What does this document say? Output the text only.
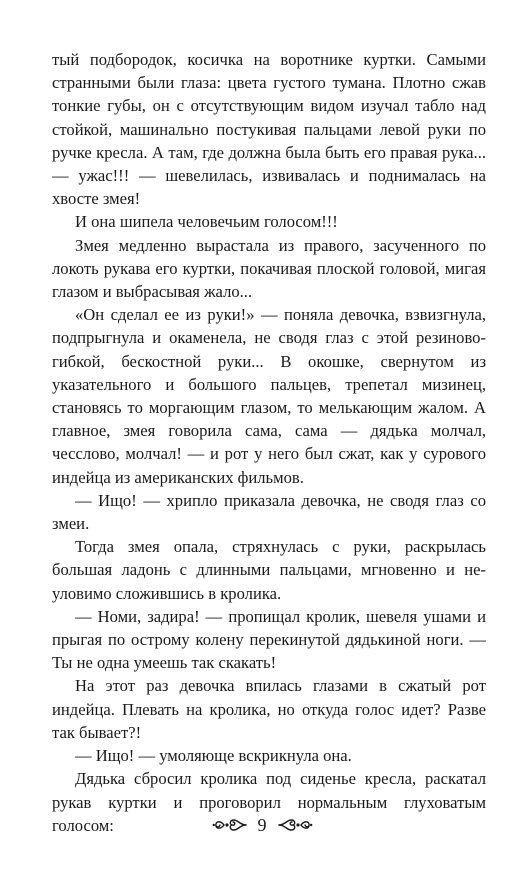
тый подбородок, косичка на воротнике куртки. Самыми странными были глаза: цвета густого тумана. Плотно сжав тонкие губы, он с отсутствующим видом изучал табло над стойкой, машинально постукивая пальцами левой руки по ручке кресла. А там, где должна была быть его правая рука... — ужас!!! — шевелилась, извивалась и поднималась на хвосте змея!

И она шипела человечьим голосом!!!

Змея медленно вырастала из правого, засученного по локоть рукава его куртки, покачивая плоской головой, мигая глазом и выбрасывая жало...

«Он сделал ее из руки!» — поняла девочка, взвизгнула, подпрыгнула и окаменела, не сводя глаз с этой резиново-гибкой, бескостной руки... В окошке, свернутом из указательного и большого пальцев, трепетал мизинец, становясь то моргающим глазом, то мелькающим жалом. А главное, змея говорила сама, сама — дядька молчал, чесслово, молчал! — и рот у него был сжат, как у сурового индейца из американских фильмов.

— Ищо! — хрипло приказала девочка, не сводя глаз со змеи.

Тогда змея опала, стряхнулась с руки, раскрылась большая ладонь с длинными пальцами, мгновенно и неуловимо сложившись в кролика.

— Номи, задира! — пропищал кролик, шевеля ушами и прыгая по острому колену перекинутой дядькиной ноги. — Ты не одна умеешь так скакать!

На этот раз девочка впилась глазами в сжатый рот индейца. Плевать на кролика, но откуда голос идет? Разве так бывает?!

— Ищо! — умоляюще вскрикнула она.

Дядька сбросил кролика под сиденье кресла, раскатал рукав куртки и проговорил нормальным глуховатым голосом:	9
